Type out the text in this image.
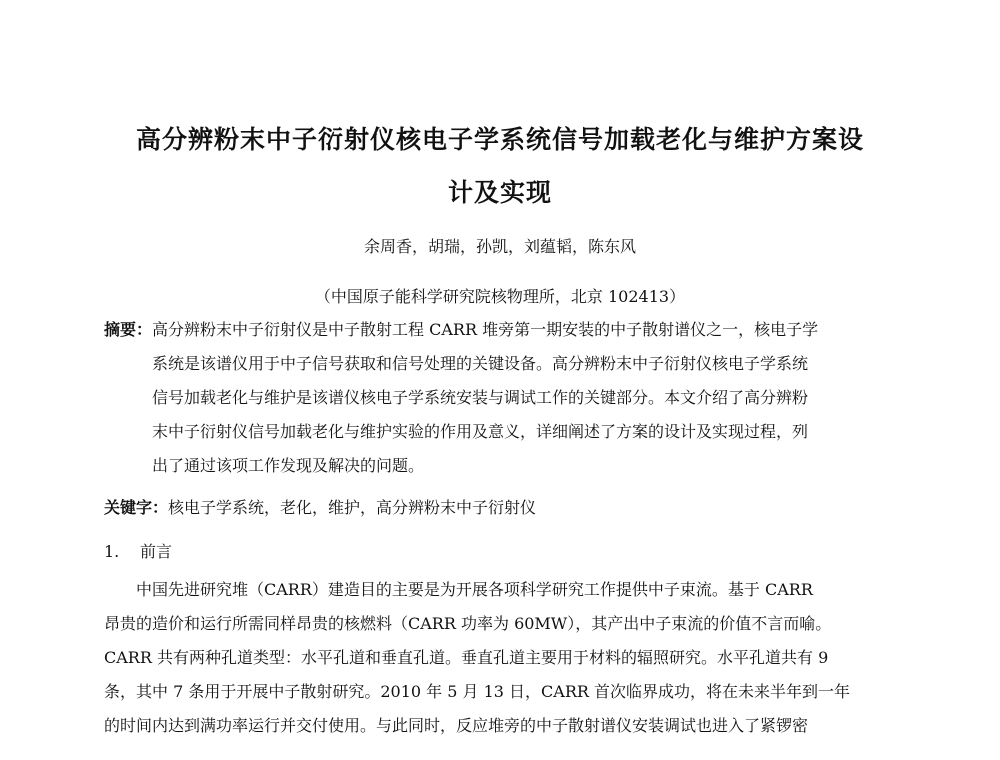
高分辨粉末中子衍射仪核电子学系统信号加载老化与维护方案设
计及实现
余周香，胡瑞，孙凯，刘蕴韬，陈东风
（中国原子能科学研究院核物理所，北京 102413）
摘要：高分辨粉末中子衍射仪是中子散射工程 CARR 堆旁第一期安装的中子散射谱仪之一，核电子学
系统是该谱仪用于中子信号获取和信号处理的关键设备。高分辨粉末中子衍射仪核电子学系统
信号加载老化与维护是该谱仪核电子学系统安装与调试工作的关键部分。本文介绍了高分辨粉
末中子衍射仪信号加载老化与维护实验的作用及意义，详细阐述了方案的设计及实现过程，列
出了通过该项工作发现及解决的问题。
关键字：核电子学系统，老化，维护，高分辨粉末中子衍射仪
1. 前言
中国先进研究堆（CARR）建造目的主要是为开展各项科学研究工作提供中子束流。基于 CARR
昂贵的造价和运行所需同样昂贵的核燃料（CARR 功率为 60MW），其产出中子束流的价值不言而喻。
CARR 共有两种孔道类型：水平孔道和垂直孔道。垂直孔道主要用于材料的辐照研究。水平孔道共有 9
条，其中 7 条用于开展中子散射研究。2010 年 5 月 13 日，CARR 首次临界成功，将在未来半年到一年
的时间内达到满功率运行并交付使用。与此同时，反应堆旁的中子散射谱仪安装调试也进入了紧锣密
